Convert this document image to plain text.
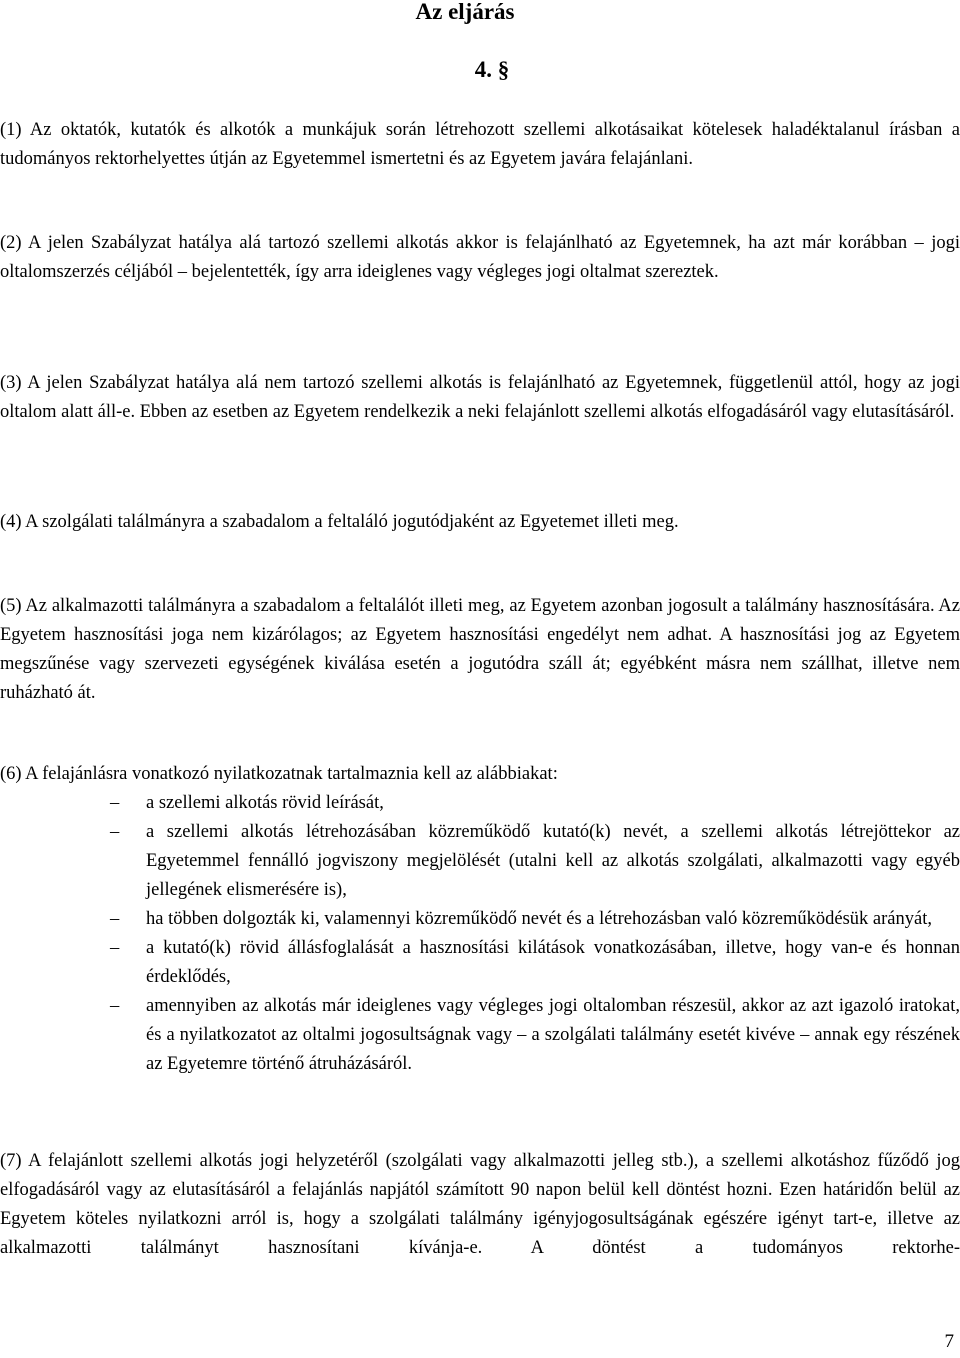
Az eljárás
4. §
(1) Az oktatók, kutatók és alkotók a munkájuk során létrehozott szellemi alkotásaikat kötelesek haladéktalanul írásban a tudományos rektorhelyettes útján az Egyetemmel ismertetni és az Egyetem javára felajánlani.
(2) A jelen Szabályzat hatálya alá tartozó szellemi alkotás akkor is felajánlható az Egyetemnek, ha azt már korábban – jogi oltalomszerzés céljából – bejelentették, így arra ideiglenes vagy végleges jogi oltalmat szereztek.
(3) A jelen Szabályzat hatálya alá nem tartozó szellemi alkotás is felajánlható az Egyetemnek, függetlenül attól, hogy az jogi oltalom alatt áll-e. Ebben az esetben az Egyetem rendelkezik a neki felajánlott szellemi alkotás elfogadásáról vagy elutasításáról.
(4) A szolgálati találmányra a szabadalom a feltaláló jogutódjaként az Egyetemet illeti meg.
(5) Az alkalmazotti találmányra a szabadalom a feltalálót illeti meg, az Egyetem azonban jogosult a találmány hasznosítására. Az Egyetem hasznosítási joga nem kizárólagos; az Egyetem hasznosítási engedélyt nem adhat. A hasznosítási jog az Egyetem megszűnése vagy szervezeti egységének kiválása esetén a jogutódra száll át; egyébként másra nem szállhat, illetve nem ruházható át.
(6) A felajánlásra vonatkozó nyilatkozatnak tartalmaznia kell az alábbiakat:
–	a szellemi alkotás rövid leírását,
–	a szellemi alkotás létrehozásában közreműködő kutató(k) nevét, a szellemi alkotás létrejöttekor az Egyetemmel fennálló jogviszony megjelölését (utalni kell az alkotás szolgálati, alkalmazotti vagy egyéb jellegének elismerésére is),
–	ha többen dolgozták ki, valamennyi közreműködő nevét és a létrehozásban való közreműködésük arányát,
–	a kutató(k) rövid állásfoglalását a hasznosítási kilátások vonatkozásában, illetve, hogy van-e és honnan érdeklődés,
–	amennyiben az alkotás már ideiglenes vagy végleges jogi oltalomban részesül, akkor az azt igazoló iratokat, és a nyilatkozatot az oltalmi jogosultságnak vagy – a szolgálati találmány esetét kivéve – annak egy részének az Egyetemre történő átruházásáról.
(7) A felajánlott szellemi alkotás jogi helyzetéről (szolgálati vagy alkalmazotti jelleg stb.), a szellemi alkotáshoz fűződő jog elfogadásáról vagy az elutasításáról a felajánlás napjától számított 90 napon belül kell döntést hozni. Ezen határidőn belül az Egyetem köteles nyilatkozni arról is, hogy a szolgálati találmány igényjogosultságának egészére igényt tart-e, illetve az alkalmazotti találmányt hasznosítani kívánja-e. A döntést a tudományos rektorhe-
7
